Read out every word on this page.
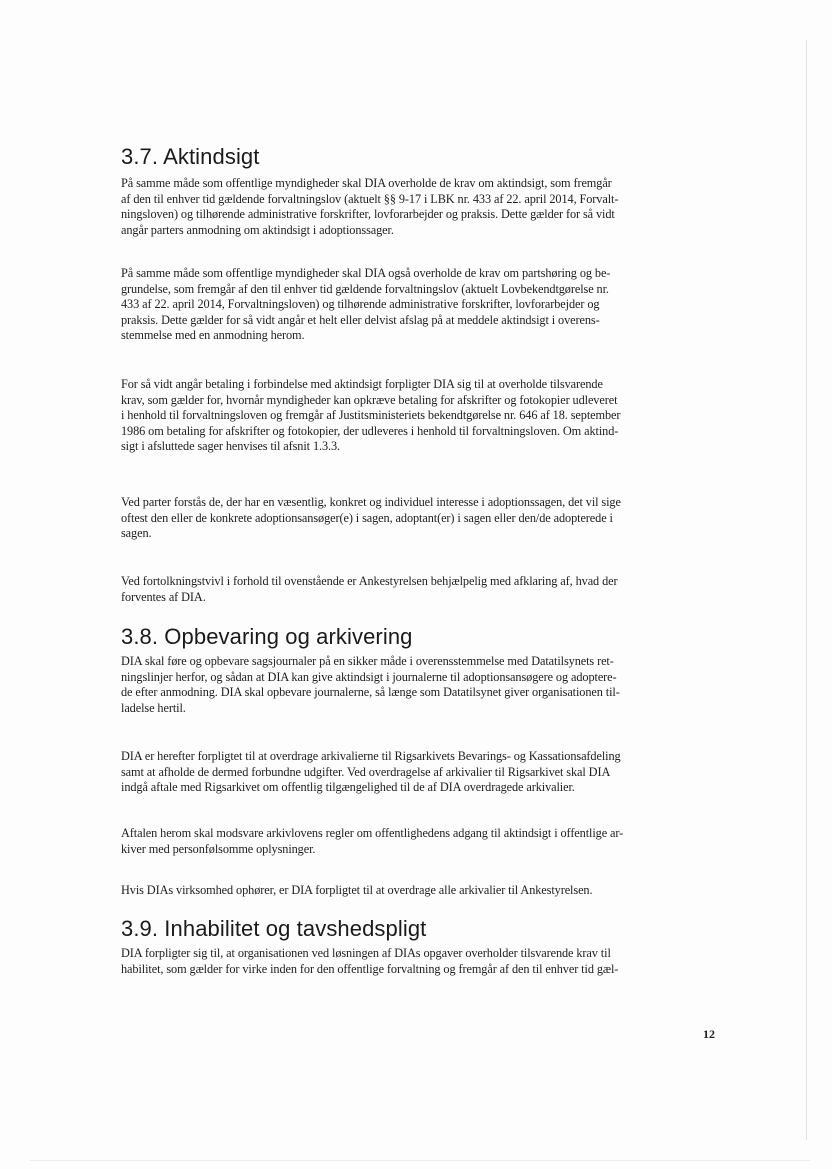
3.7. Aktindsigt
På samme måde som offentlige myndigheder skal DIA overholde de krav om aktindsigt, som fremgår
af den til enhver tid gældende forvaltningslov (aktuelt §§ 9-17 i LBK nr. 433 af 22. april 2014, Forvalt-
ningsloven) og tilhørende administrative forskrifter, lovforarbejder og praksis. Dette gælder for så vidt
angår parters anmodning om aktindsigt i adoptionssager.
På samme måde som offentlige myndigheder skal DIA også overholde de krav om partshøring og be-
grundelse, som fremgår af den til enhver tid gældende forvaltningslov (aktuelt Lovbekendtgørelse nr.
433 af 22. april 2014, Forvaltningsloven) og tilhørende administrative forskrifter, lovforarbejder og
praksis. Dette gælder for så vidt angår et helt eller delvist afslag på at meddele aktindsigt i overens-
stemmelse med en anmodning herom.
For så vidt angår betaling i forbindelse med aktindsigt forpligter DIA sig til at overholde tilsvarende
krav, som gælder for, hvornår myndigheder kan opkræve betaling for afskrifter og fotokopier udleveret
i henhold til forvaltningsloven og fremgår af Justitsministeriets bekendtgørelse nr. 646 af 18. september
1986 om betaling for afskrifter og fotokopier, der udleveres i henhold til forvaltningsloven. Om aktind-
sigt i afsluttede sager henvises til afsnit 1.3.3.
Ved parter forstås de, der har en væsentlig, konkret og individuel interesse i adoptionssagen, det vil sige
oftest den eller de konkrete adoptionsansøger(e) i sagen, adoptant(er) i sagen eller den/de adopterede i
sagen.
Ved fortolkningstvivl i forhold til ovenstående er Ankestyrelsen behjælpelig med afklaring af, hvad der
forventes af DIA.
3.8. Opbevaring og arkivering
DIA skal føre og opbevare sagsjournaler på en sikker måde i overensstemmelse med Datatilsynets ret-
ningslinjer herfor, og sådan at DIA kan give aktindsigt i journalerne til adoptionsansøgere og adoptere-
de efter anmodning. DIA skal opbevare journalerne, så længe som Datatilsynet giver organisationen til-
ladelse hertil.
DIA er herefter forpligtet til at overdrage arkivalierne til Rigsarkivets Bevarings- og Kassationsafdeling
samt at afholde de dermed forbundne udgifter. Ved overdragelse af arkivalier til Rigsarkivet skal DIA
indgå aftale med Rigsarkivet om offentlig tilgængelighed til de af DIA overdragede arkivalier.
Aftalen herom skal modsvare arkivlovens regler om offentlighedens adgang til aktindsigt i offentlige ar-
kiver med personfølsomme oplysninger.
Hvis DIAs virksomhed ophører, er DIA forpligtet til at overdrage alle arkivalier til Ankestyrelsen.
3.9. Inhabilitet og tavshedspligt
DIA forpligter sig til, at organisationen ved løsningen af DIAs opgaver overholder tilsvarende krav til
habilitet, som gælder for virke inden for den offentlige forvaltning og fremgår af den til enhver tid gæl-
12
